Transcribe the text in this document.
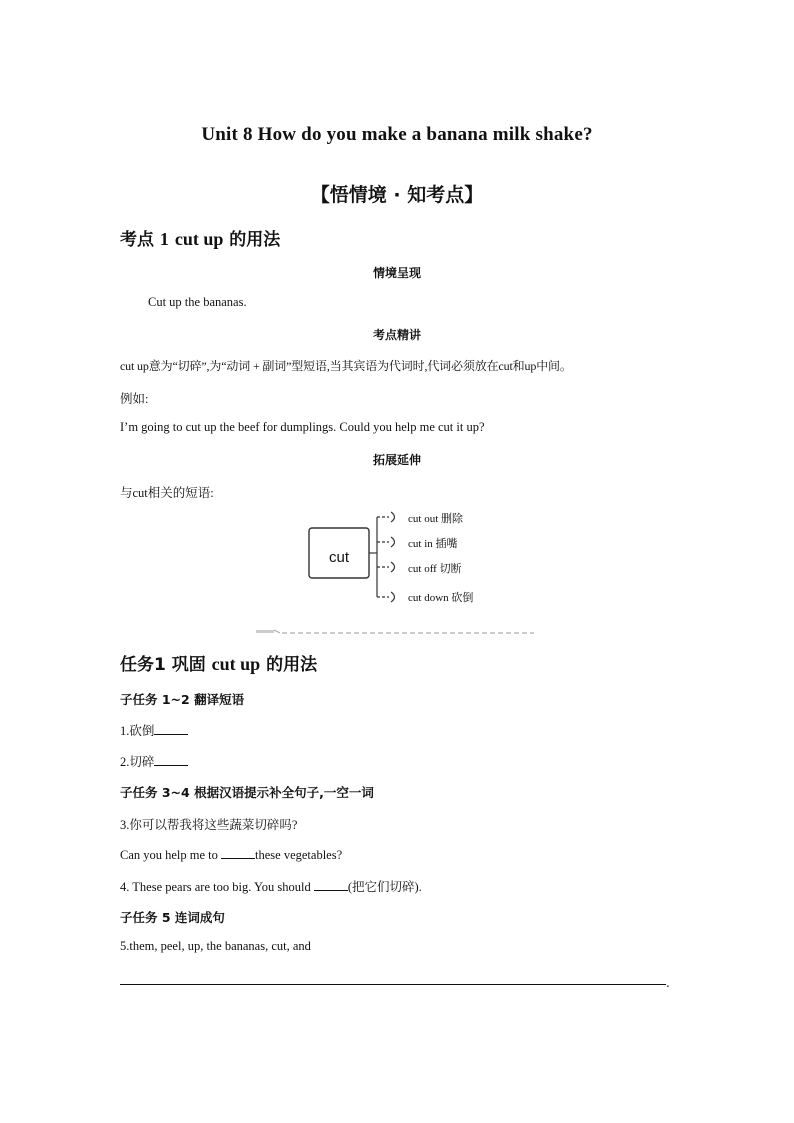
Unit 8 How do you make a banana milk shake?
【悟情境 · 知考点】
考点 1 cut up 的用法
情境呈现
Cut up the bananas.
考点精讲
cut up意为“切碎”,为“动词 + 副词”型短语,当其宾语为代词时,代词必须放在cut和up中间。
例如:
I’m going to cut up the beef for dumplings. Could you help me cut it up?
拓展延伸
与cut相关的短语:
cut
cut out 删除
cut in 插嘴
cut off 切断
cut down 砍倒
任务1 巩固 cut up 的用法
子任务 1~2 翻译短语
1.砍倒
2.切碎
子任务 3~4 根据汉语提示补全句子,一空一词
3.你可以帮我将这些蔬菜切碎吗?
Can you help me to	these vegetables?
4. These pears are too big. You should	(把它们切碎).
子任务 5 连词成句
5.them, peel, up, the bananas, cut, and
.
